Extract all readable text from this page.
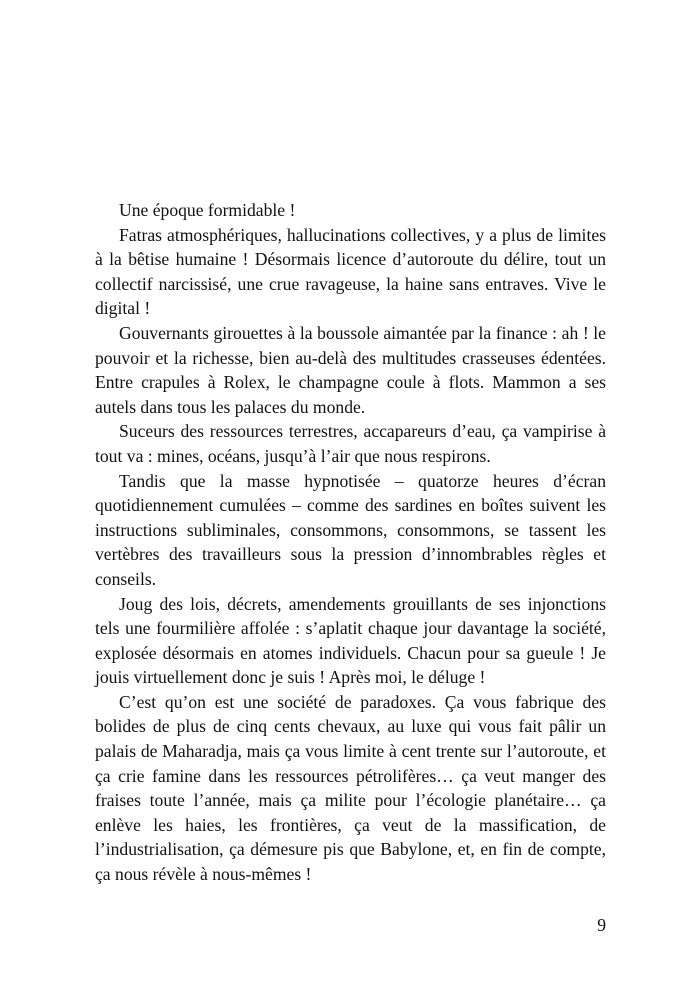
Une époque formidable !

Fatras atmosphériques, hallucinations collectives, y a plus de limites à la bêtise humaine ! Désormais licence d’autoroute du délire, tout un collectif narcissisé, une crue ravageuse, la haine sans entraves. Vive le digital !

Gouvernants girouettes à la boussole aimantée par la finance : ah ! le pouvoir et la richesse, bien au-delà des multitudes crasseuses édentées. Entre crapules à Rolex, le champagne coule à flots. Mammon a ses autels dans tous les palaces du monde.

Suceurs des ressources terrestres, accapareurs d’eau, ça vampirise à tout va : mines, océans, jusqu’à l’air que nous respirons.

Tandis que la masse hypnotisée – quatorze heures d’écran quotidiennement cumulées – comme des sardines en boîtes suivent les instructions subliminales, consommons, consommons, se tassent les vertèbres des travailleurs sous la pression d’innombrables règles et conseils.

Joug des lois, décrets, amendements grouillants de ses injonctions tels une fourmilière affolée : s’aplatit chaque jour davantage la société, explosée désormais en atomes individuels. Chacun pour sa gueule ! Je jouis virtuellement donc je suis ! Après moi, le déluge !

C’est qu’on est une société de paradoxes. Ça vous fabrique des bolides de plus de cinq cents chevaux, au luxe qui vous fait pâlir un palais de Maharadja, mais ça vous limite à cent trente sur l’autoroute, et ça crie famine dans les ressources pétrolifères… ça veut manger des fraises toute l’année, mais ça milite pour l’écologie planétaire… ça enlève les haies, les frontières, ça veut de la massification, de l’industrialisation, ça démesure pis que Babylone, et, en fin de compte, ça nous révèle à nous-mêmes !

9
